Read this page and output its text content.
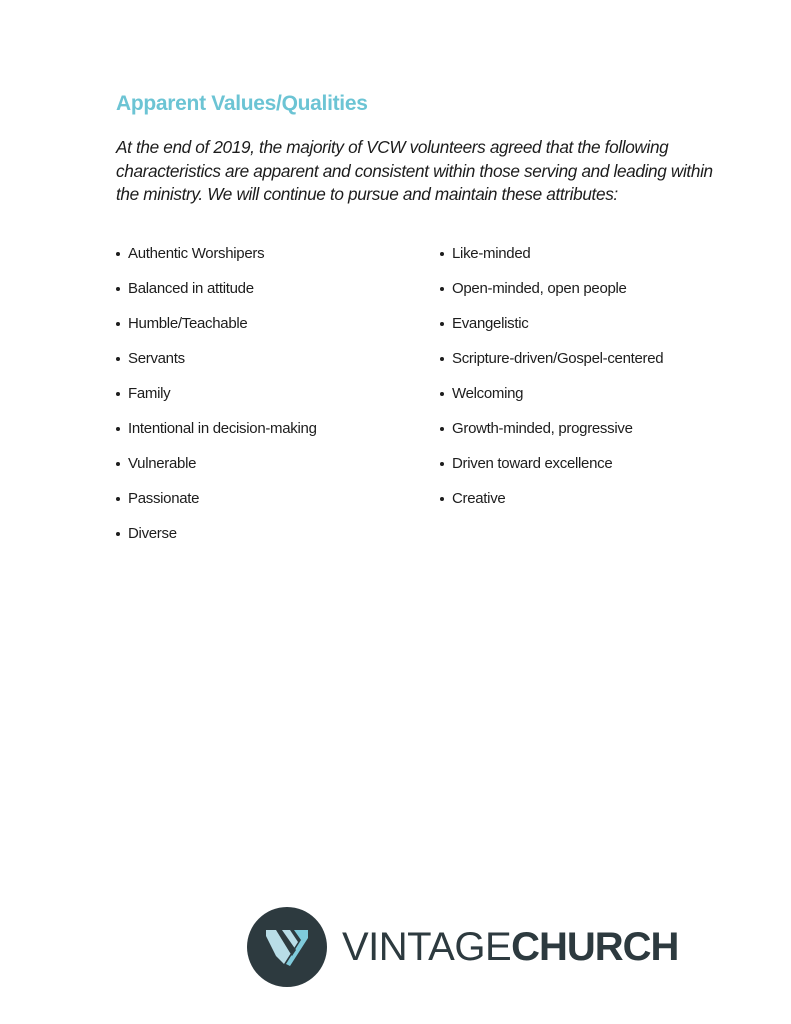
Apparent Values/Qualities

At the end of 2019, the majority of VCW volunteers agreed that the following characteristics are apparent and consistent within those serving and leading within the ministry. We will continue to pursue and maintain these attributes:

Authentic Worshipers
Balanced in attitude
Humble/Teachable
Servants
Family
Intentional in decision-making
Vulnerable
Passionate
Diverse
Like-minded
Open-minded, open people
Evangelistic
Scripture-driven/Gospel-centered
Welcoming
Growth-minded, progressive
Driven toward excellence
Creative
VINTAGECHURCH
